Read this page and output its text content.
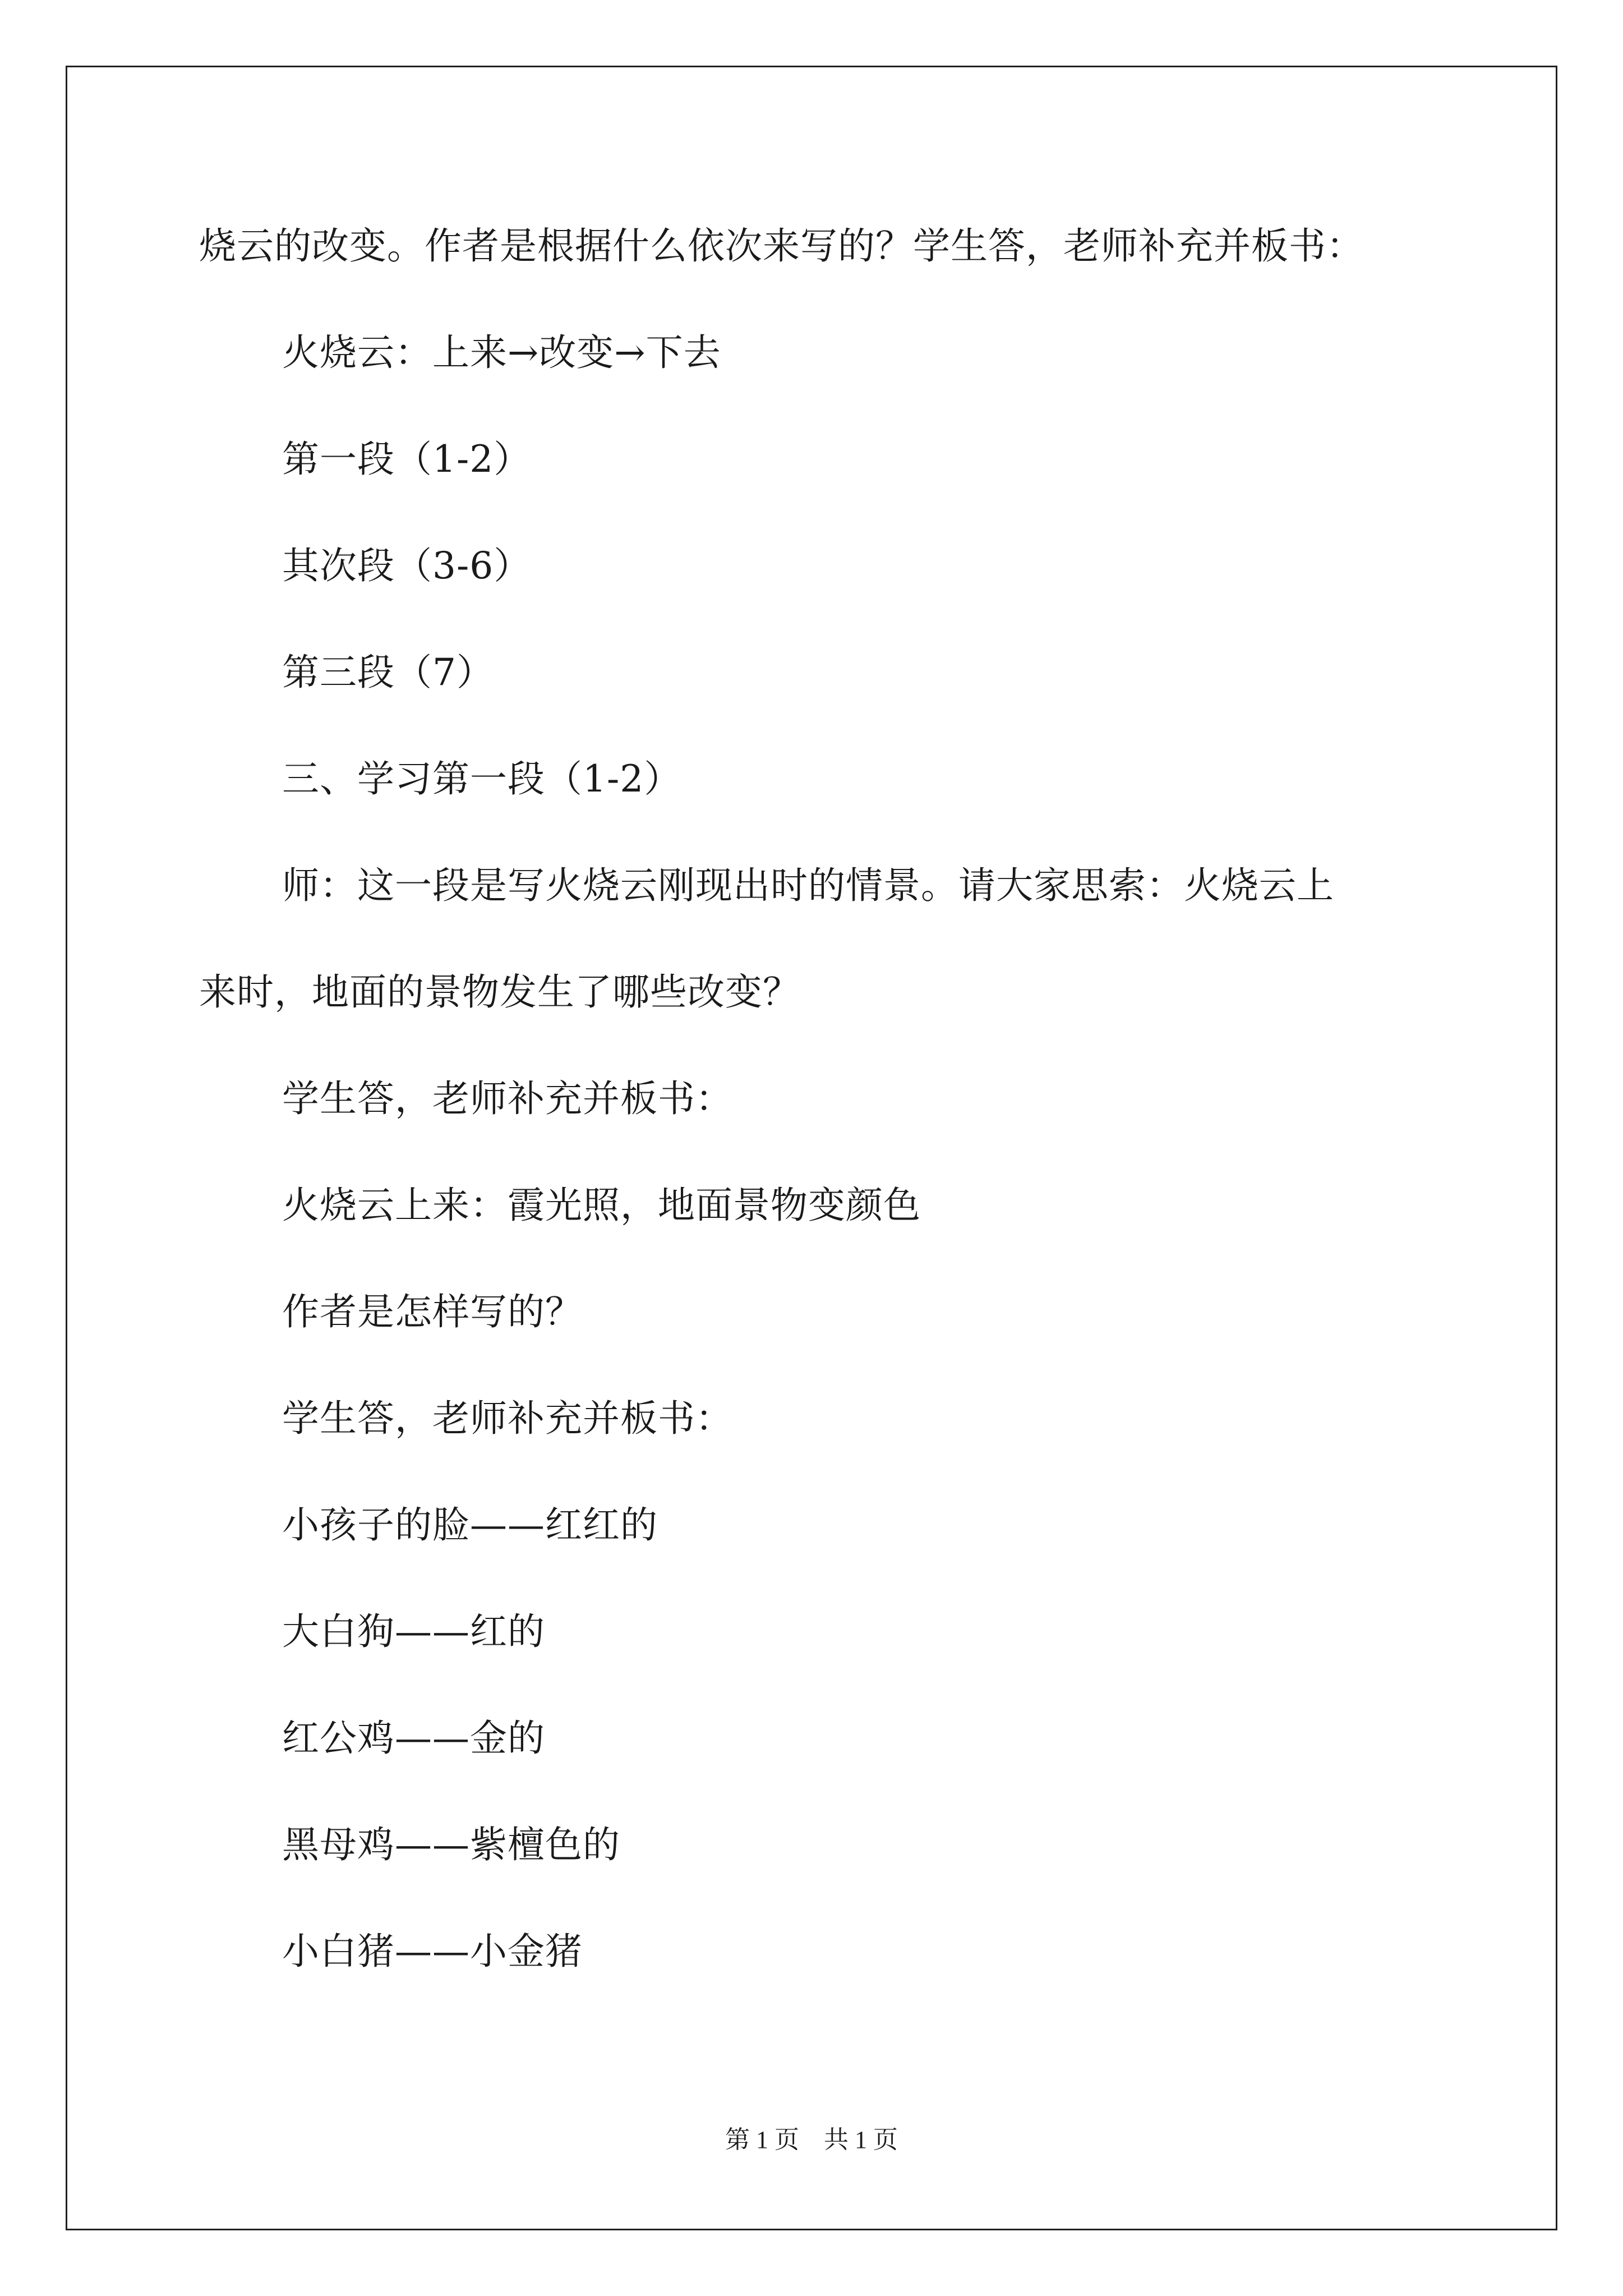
烧云的改变。作者是根据什么依次来写的？学生答，老师补充并板书：

火烧云：上来→改变→下去

第一段（1-2）

其次段（3-6）

第三段（7）

三、学习第一段（1-2）

师：这一段是写火烧云刚现出时的情景。请大家思索：火烧云上

来时，地面的景物发生了哪些改变？

学生答，老师补充并板书：

火烧云上来：霞光照，地面景物变颜色

作者是怎样写的？

学生答，老师补充并板书：

小孩子的脸——红红的

大白狗——红的

红公鸡——金的

黑母鸡——紫檀色的

小白猪——小金猪

第 1 页　共 1 页
